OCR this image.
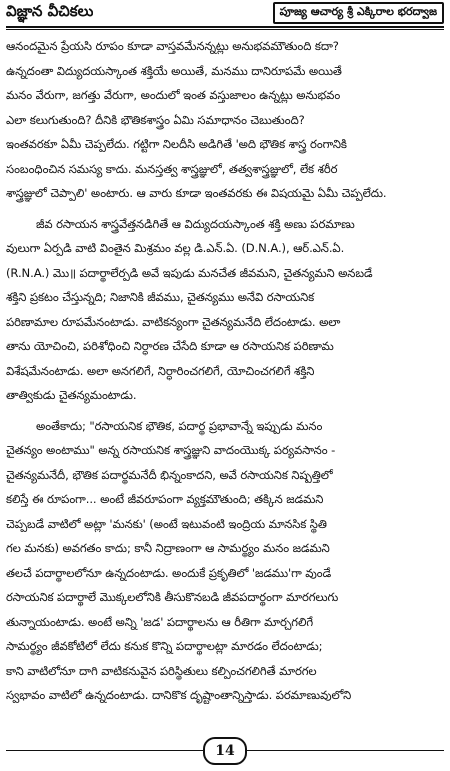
విజ్ఞాన వీచికలు	పూజ్య ఆచార్య శ్రీ ఎక్కిరాల భరద్వాజ
ఆనందమైన ప్రేయసి రూపం కూడా వాస్తవమేనన్నట్లు అనుభవమౌతుంది కదా?
ఉన్నదంతా విద్యుదయస్కాంత శక్తియే అయితే, మనము దానిరూపమే అయితే
మనం వేరుగా, జగత్తు వేరుగా, అందులో ఇంత వస్తుజాలం ఉన్నట్లు అనుభవం
ఎలా కలుగుతుంది? దీనికి భౌతికశాస్త్రం ఏమి సమాధానం చెబుతుంది?
ఇంతవరకూ ఏమీ చెప్పలేదు. గట్టిగా నిలదీసి అడిగితే 'అది భౌతిక శాస్త్ర రంగానికి
సంబంధించిన సమస్య కాదు. మనస్తత్వ శాస్త్రజ్ఞులో, తత్వశాస్త్రజ్ఞులో, లేక శరీర
శాస్త్రజ్ఞులో చెప్పాలి' అంటారు. ఆ వారు కూడా ఇంతవరకు ఈ విషయమై ఏమీ చెప్పలేదు.
జీవ రసాయన శాస్త్రవేత్తనడిగితే ఆ విద్యుదయస్కాంత శక్తి అణు పరమాణు
వులుగా ఏర్పడి వాటి వింతైన మిశ్రమం వల్ల డి.ఎన్.ఏ. (D.N.A.), ఆర్.ఎన్.ఏ.
(R.N.A.) మొ॥ పదార్థాలేర్పడి అవే ఇపుడు మనచేత జీవమని, చైతన్యమని అనబడే
శక్తిని ప్రకటం చేస్తున్నది; నిజానికి జీవము, చైతన్యము అనేవి రసాయనిక
పరిణామాల రూపమేనంటాడు. వాటికన్యంగా చైతన్యమనేది లేదంటాడు. అలా
తాను యోచించి, పరిశోధించి నిర్ధారణ చేసేది కూడా ఆ రసాయనిక పరిణామ
విశేషమేనంటాడు. అలా అనగలిగే, నిర్ధారించగలిగే, యోచించగలిగే శక్తిని
తాత్వికుడు చైతన్యమంటాడు.
అంతేకాదు; "రసాయనిక భౌతిక, పదార్థ ప్రభావాన్నే ఇప్పుడు మనం
చైతన్యం అంటాము" అన్న రసాయనిక శాస్త్రజ్ఞుని వాదంయొక్క పర్యవసానం -
చైతన్యమనేదీ, భౌతిక పదార్థమనేదీ భిన్నంకాదని, అవే రసాయనిక నిష్పత్తిలో
కలిస్తే ఈ రూపంగా... అంటే జీవరూపంగా వ్యక్తమౌతుంది; తక్కిన జడమని
చెప్పబడే వాటిలో అట్లా 'మనకు' (అంటే ఇటువంటి ఇంద్రియ మానసిక స్థితి
గల మనకు) అవగతం కాదు; కానీ నిద్రాణంగా ఆ సామర్థ్యం మనం జడమని
తలచే పదార్థాలలోనూ ఉన్నదంటాడు. అందుకే ప్రకృతిలో 'జడము'గా వుండే
రసాయనిక పదార్థాలే మొక్కలలోనికి తీసుకొనబడి జీవపదార్థంగా మారగలుగు
తున్నాయంటాడు. అంటే అన్ని 'జడ' పదార్థాలను ఆ రీతిగా మార్చగలిగే
సామర్థ్యం జీవకోటిలో లేదు కనుక కొన్ని పదార్థాలట్లా మారడం లేదంటాడు;
కాని వాటిలోనూ దాగి వాటికనువైన పరిస్థితులు కల్పించగలిగితే మారగల
స్వభావం వాటిలో ఉన్నదంటాడు. దానికొక దృష్టాంతాన్నిస్తాడు. పరమాణువులోని
14
